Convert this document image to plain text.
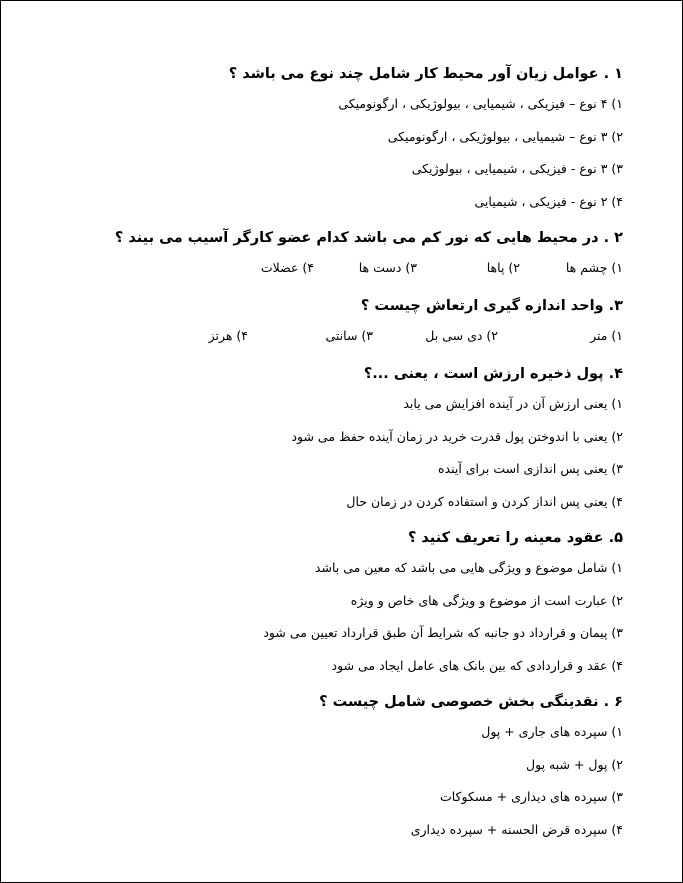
۱ . عوامل زیان آور محیط کار شامل چند نوع می باشد ؟
۱) ۴ نوع – فیزیکی ، شیمیایی ، بیولوژیکی ، ارگونومیکی
۲) ۳ نوع – شیمیایی ، بیولوژیکی ، ارگونومیکی
۳) ۳ نوع - فیزیکی ، شیمیایی ، بیولوژیکی
۴) ۲ نوع - فیزیکی ، شیمیایی
۲ . در محیط هایی که نور کم می باشد کدام عضو کارگر آسیب می بیند ؟
۱) چشم ها
۲) پاها
۳) دست ها
۴) عضلات
۳. واحد اندازه گیری ارتعاش چیست ؟
۱) متر
۲) دی سی بل
۳) سانتی
۴) هرتز
۴. پول ذخیره ارزش است ، یعنی ...؟
۱) یعنی ارزش آن در آینده افزایش می یابد
۲) یعنی با اندوختن پول قدرت خرید در زمان آینده حفظ می شود
۳) یعنی پس اندازی است برای آینده
۴) یعنی پس انداز کردن و استفاده کردن در زمان حال
۵. عقود معینه را تعریف کنید ؟
۱) شامل موضوع و ویژگی هایی می باشد که معین می باشد
۲) عبارت است از موضوع و ویژگی های خاص و ویژه
۳) پیمان و قرارداد دو جانبه که شرایط آن طبق قرارداد تعیین می شود
۴) عقد و قراردادی که بین بانک های عامل ایجاد می شود
۶ . نقدینگی بخش خصوصی شامل چیست ؟
۱) سپرده های جاری + پول
۲) پول + شبه پول
۳) سپرده های دیداری + مسکوکات
۴) سپرده قرض الحسنه + سپرده دیداری
